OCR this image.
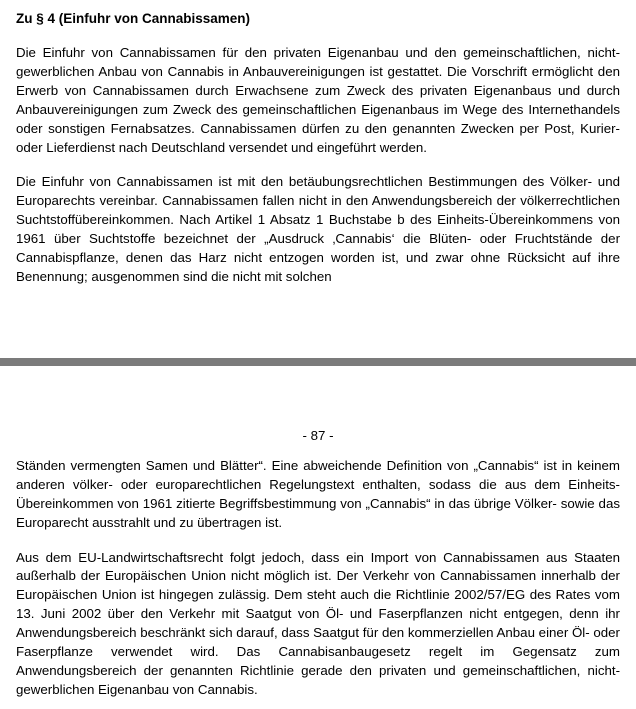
Zu § 4 (Einfuhr von Cannabissamen)

Die Einfuhr von Cannabissamen für den privaten Eigenanbau und den gemeinschaftlichen, nicht-gewerblichen Anbau von Cannabis in Anbauvereinigungen ist gestattet. Die Vorschrift ermöglicht den Erwerb von Cannabissamen durch Erwachsene zum Zweck des privaten Eigenanbaus und durch Anbauvereinigungen zum Zweck des gemeinschaftlichen Eigenanbaus im Wege des Internethandels oder sonstigen Fernabsatzes. Cannabissamen dürfen zu den genannten Zwecken per Post, Kurier- oder Lieferdienst nach Deutschland versendet und eingeführt werden.

Die Einfuhr von Cannabissamen ist mit den betäubungsrechtlichen Bestimmungen des Völker- und Europarechts vereinbar. Cannabissamen fallen nicht in den Anwendungsbereich der völkerrechtlichen Suchtstoffübereinkommen. Nach Artikel 1 Absatz 1 Buchstabe b des Einheits-Übereinkommens von 1961 über Suchtstoffe bezeichnet der „Ausdruck ‚Cannabis‘ die Blüten- oder Fruchtstände der Cannabispflanze, denen das Harz nicht entzogen worden ist, und zwar ohne Rücksicht auf ihre Benennung; ausgenommen sind die nicht mit solchen

- 87 -

Ständen vermengten Samen und Blätter“. Eine abweichende Definition von „Cannabis“ ist in keinem anderen völker- oder europarechtlichen Regelungstext enthalten, sodass die aus dem Einheits-Übereinkommen von 1961 zitierte Begriffsbestimmung von „Cannabis“ in das übrige Völker- sowie das Europarecht ausstrahlt und zu übertragen ist.

Aus dem EU-Landwirtschaftsrecht folgt jedoch, dass ein Import von Cannabissamen aus Staaten außerhalb der Europäischen Union nicht möglich ist. Der Verkehr von Cannabissamen innerhalb der Europäischen Union ist hingegen zulässig. Dem steht auch die Richtlinie 2002/57/EG des Rates vom 13. Juni 2002 über den Verkehr mit Saatgut von Öl- und Faserpflanzen nicht entgegen, denn ihr Anwendungsbereich beschränkt sich darauf, dass Saatgut für den kommerziellen Anbau einer Öl- oder Faserpflanze verwendet wird. Das Cannabisanbaugesetz regelt im Gegensatz zum Anwendungsbereich der genannten Richtlinie gerade den privaten und gemeinschaftlichen, nicht-gewerblichen Eigenanbau von Cannabis.
